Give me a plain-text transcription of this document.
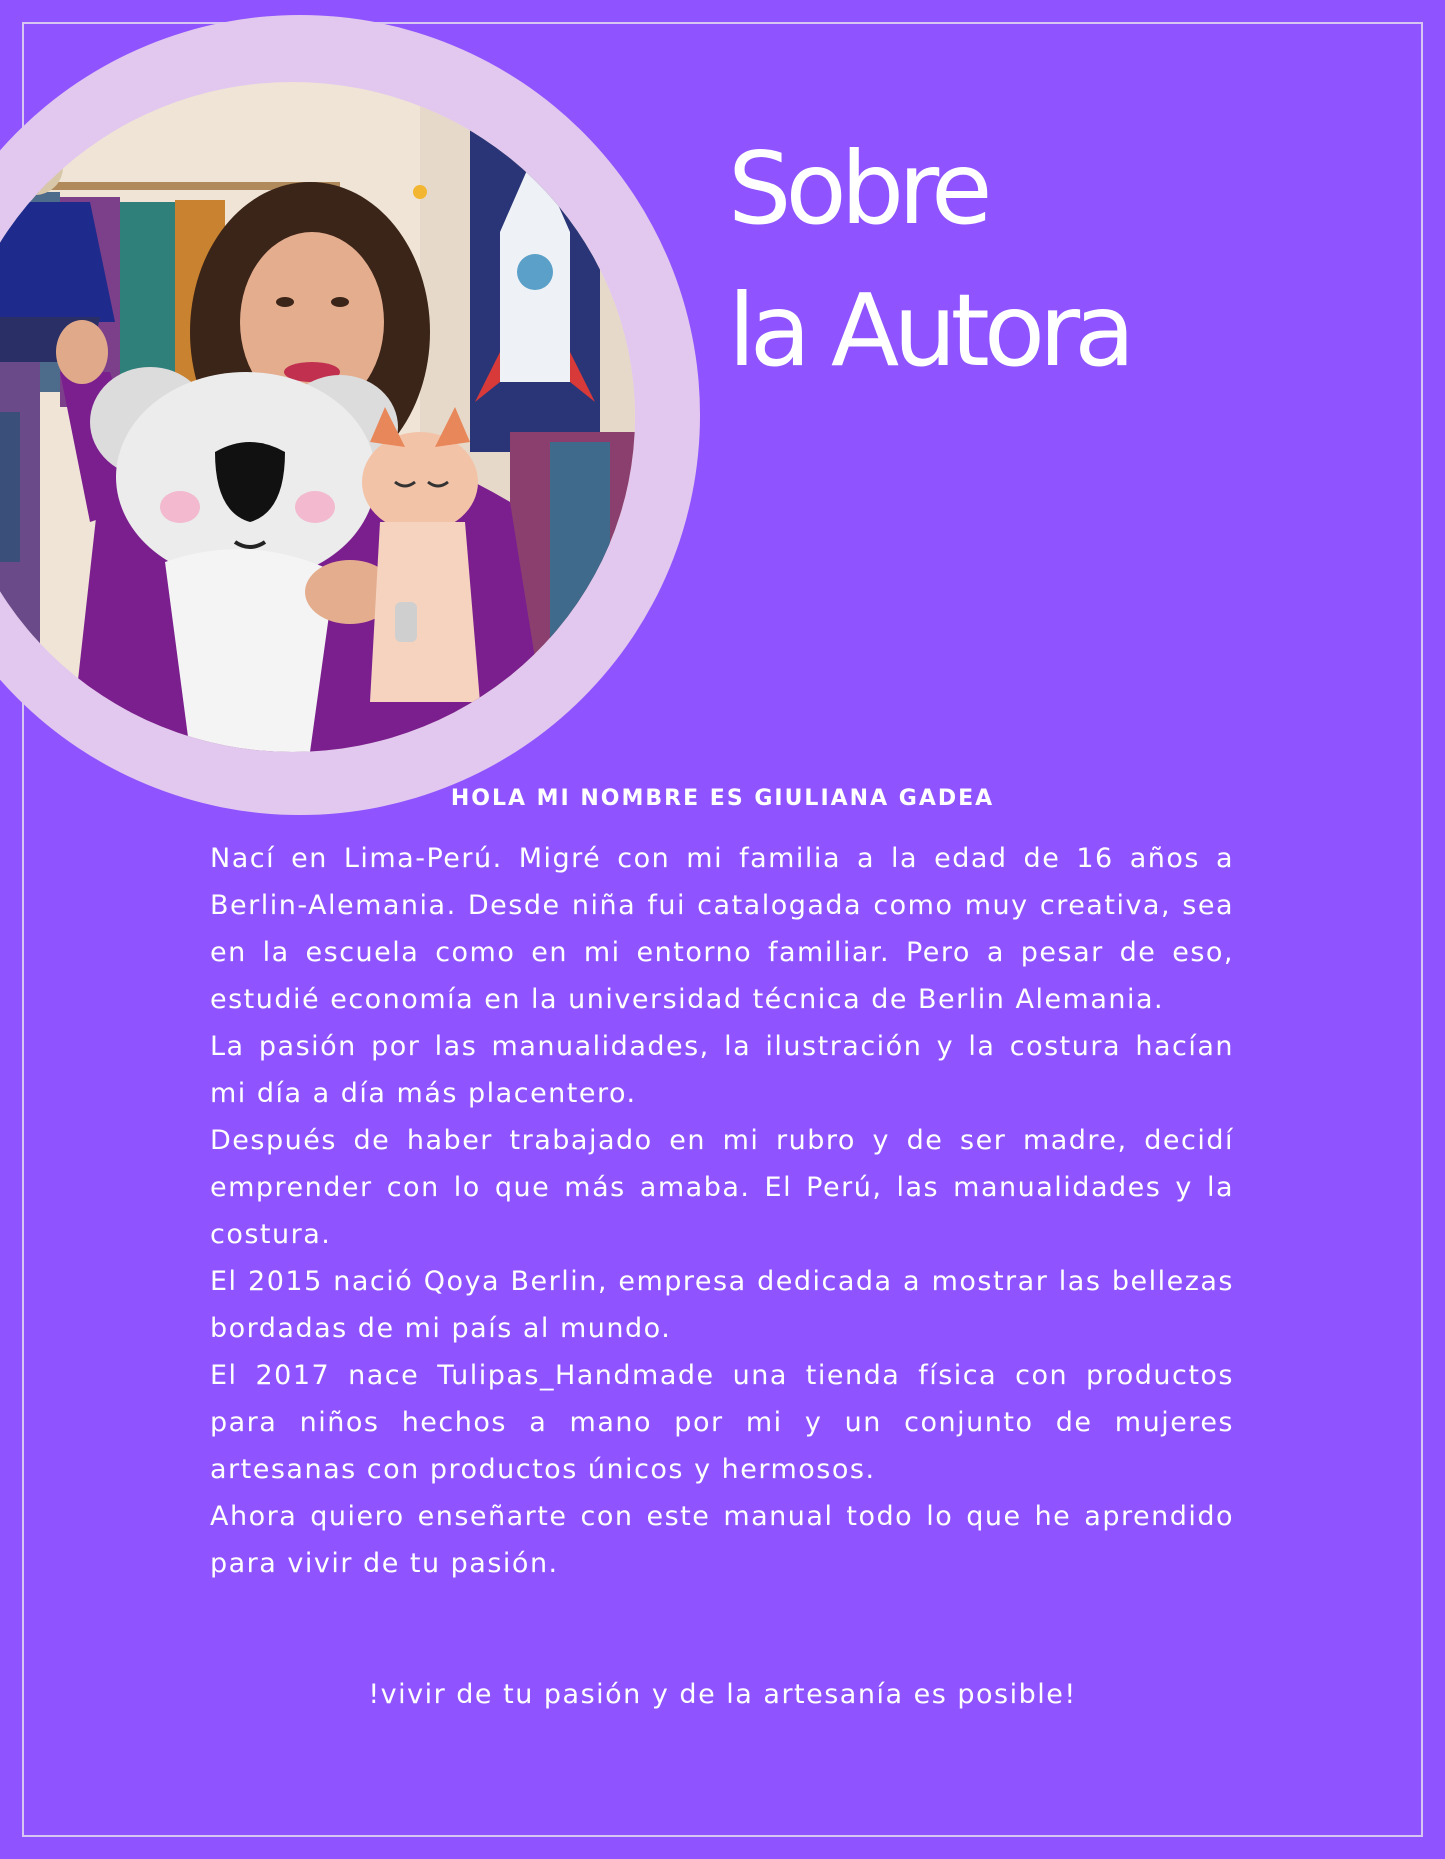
Sobre
la Autora
HOLA MI NOMBRE ES GIULIANA GADEA

Nací en Lima-Perú. Migré con mi familia a la edad de 16 años a Berlin-Alemania. Desde niña fui catalogada como muy creativa, sea en la escuela como en mi entorno familiar. Pero a pesar de eso, estudié economía en la universidad técnica de Berlin Alemania.

La pasión por las manualidades, la ilustración y la costura hacían mi día a día más placentero.

Después de haber trabajado en mi rubro y de ser madre, decidí emprender con lo que más amaba. El Perú, las manualidades y la costura.

El 2015 nació Qoya Berlin, empresa dedicada a mostrar las bellezas bordadas de mi país al mundo.

El 2017 nace Tulipas_Handmade una tienda física con productos para niños hechos a mano por mi y un conjunto de mujeres artesanas con productos únicos y hermosos.

Ahora quiero enseñarte con este manual todo lo que he aprendido para vivir de tu pasión.

!vivir de tu pasión y de la artesanía es posible!
